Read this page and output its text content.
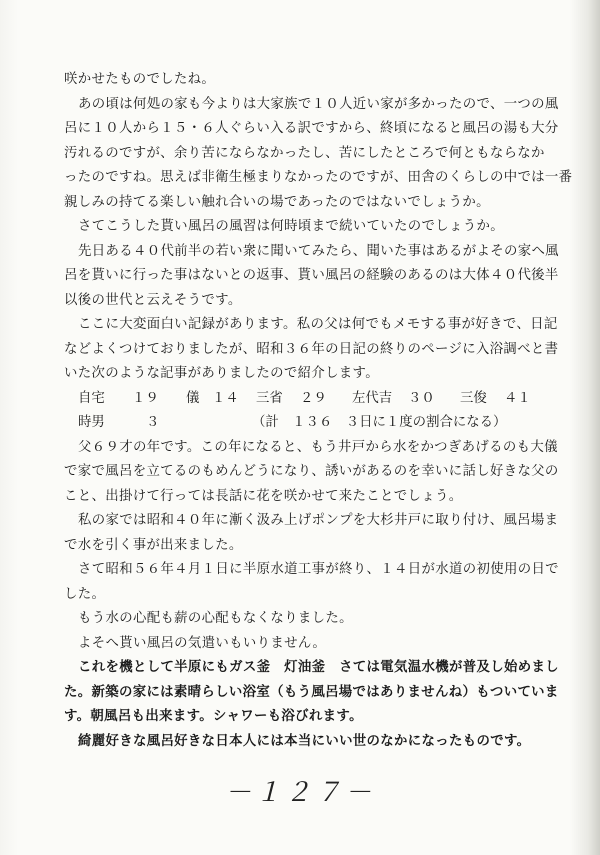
咲かせたものでしたね。
あの頃は何処の家も今よりは大家族で１０人近い家が多かったので、一つの風
呂に１０人から１５・６人ぐらい入る訳ですから、終頃になると風呂の湯も大分
汚れるのですが、余り苦にならなかったし、苦にしたところで何ともならなか
ったのですね。思えば非衛生極まりなかったのですが、田舎のくらしの中では一番
親しみの持てる楽しい触れ合いの場であったのではないでしょうか。
さてこうした貰い風呂の風習は何時頃まで続いていたのでしょうか。
先日ある４０代前半の若い衆に聞いてみたら、聞いた事はあるがよその家へ風
呂を貰いに行った事はないとの返事、貰い風呂の経験のあるのは大体４０代後半
以後の世代と云えそうです。
ここに大変面白い記録があります。私の父は何でもメモする事が好きで、日記
などよくつけておりましたが、昭和３６年の日記の終りのページに入浴調べと書
いた次のような記事がありましたので紹介します。
自宅 １９ 儀 １４ 三省 ２９ 左代吉 ３０ 三俊 ４１
時男	３	（計　１３６　３日に１度の割合になる）
父６９才の年です。この年になると、もう井戸から水をかつぎあげるのも大儀
で家で風呂を立てるのもめんどうになり、誘いがあるのを幸いに話し好きな父の
こと、出掛けて行っては長話に花を咲かせて来たことでしょう。
私の家では昭和４０年に漸く汲み上げポンプを大杉井戸に取り付け、風呂場ま
で水を引く事が出来ました。
さて昭和５６年４月１日に半原水道工事が終り、１４日が水道の初使用の日で
した。
もう水の心配も薪の心配もなくなりました。
よそへ貰い風呂の気遣いもいりません。
これを機として半原にもガス釜　灯油釜　さては電気温水機が普及し始めまし
た。新築の家には素晴らしい浴室（もう風呂場ではありませんね）もついていま
す。朝風呂も出来ます。シャワーも浴びれます。
綺麗好きな風呂好きな日本人には本当にいい世のなかになったものです。
－１２７－
